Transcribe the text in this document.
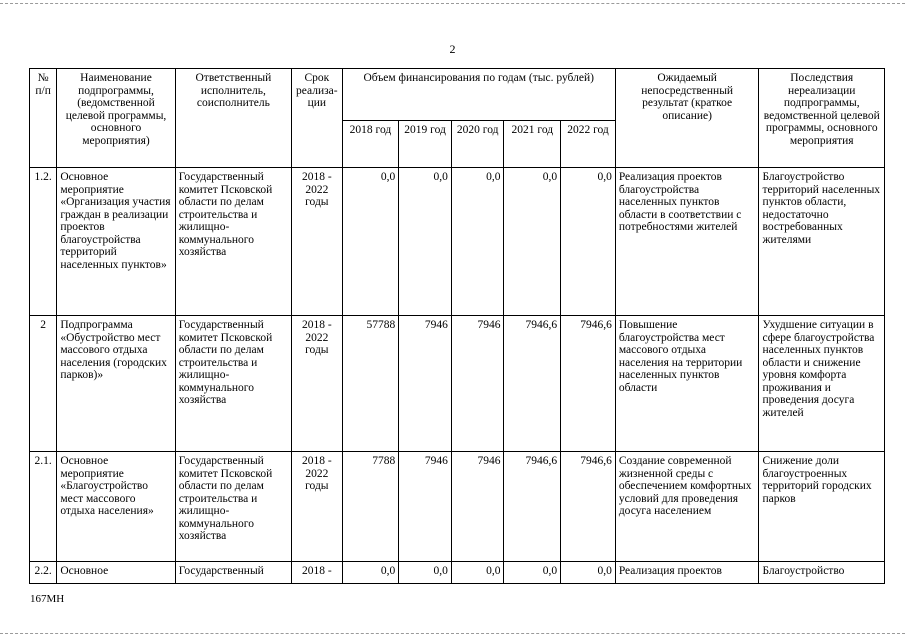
2
№ п/п	Наименование подпрограммы, (ведомственной целевой программы, основного мероприятия)	Ответственный исполнитель, соисполнитель	Срок реализа-ции	Объем финансирования по годам (тыс. рублей)					Ожидаемый непосредственный результат (краткое описание)	Последствия нереализации подпрограммы, ведомственной целевой программы, основного мероприятия
				2018 год	2019 год	2020 год	2021 год	2022 год		
1.2.	Основное мероприятие «Организация участия граждан в реализации проектов благоустройства территорий населенных пунктов»	Государственный комитет Псковской области по делам строительства и жилищно-коммунального хозяйства	2018 - 2022 годы	0,0	0,0	0,0	0,0	0,0	Реализация проектов благоустройства населенных пунктов области в соответствии с потребностями жителей	Благоустройство территорий населенных пунктов области, недостаточно востребованных жителями
2	Подпрограмма «Обустройство мест массового отдыха населения (городских парков)»	Государственный комитет Псковской области по делам строительства и жилищно-коммунального хозяйства	2018 - 2022 годы	57788	7946	7946	7946,6	7946,6	Повышение благоустройства мест массового отдыха населения на территории населенных пунктов области	Ухудшение ситуации в сфере благоустройства населенных пунктов области и снижение уровня комфорта проживания и проведения досуга жителей
2.1.	Основное мероприятие «Благоустройство мест массового отдыха населения»	Государственный комитет Псковской области по делам строительства и жилищно-коммунального хозяйства	2018 - 2022 годы	7788	7946	7946	7946,6	7946,6	Создание современной жизненной среды с обеспечением комфортных условий для проведения досуга населением	Снижение доли благоустроенных территорий городских парков
2.2.	Основное	Государственный	2018 -	0,0	0,0	0,0	0,0	0,0	Реализация проектов	Благоустройство
167МН
